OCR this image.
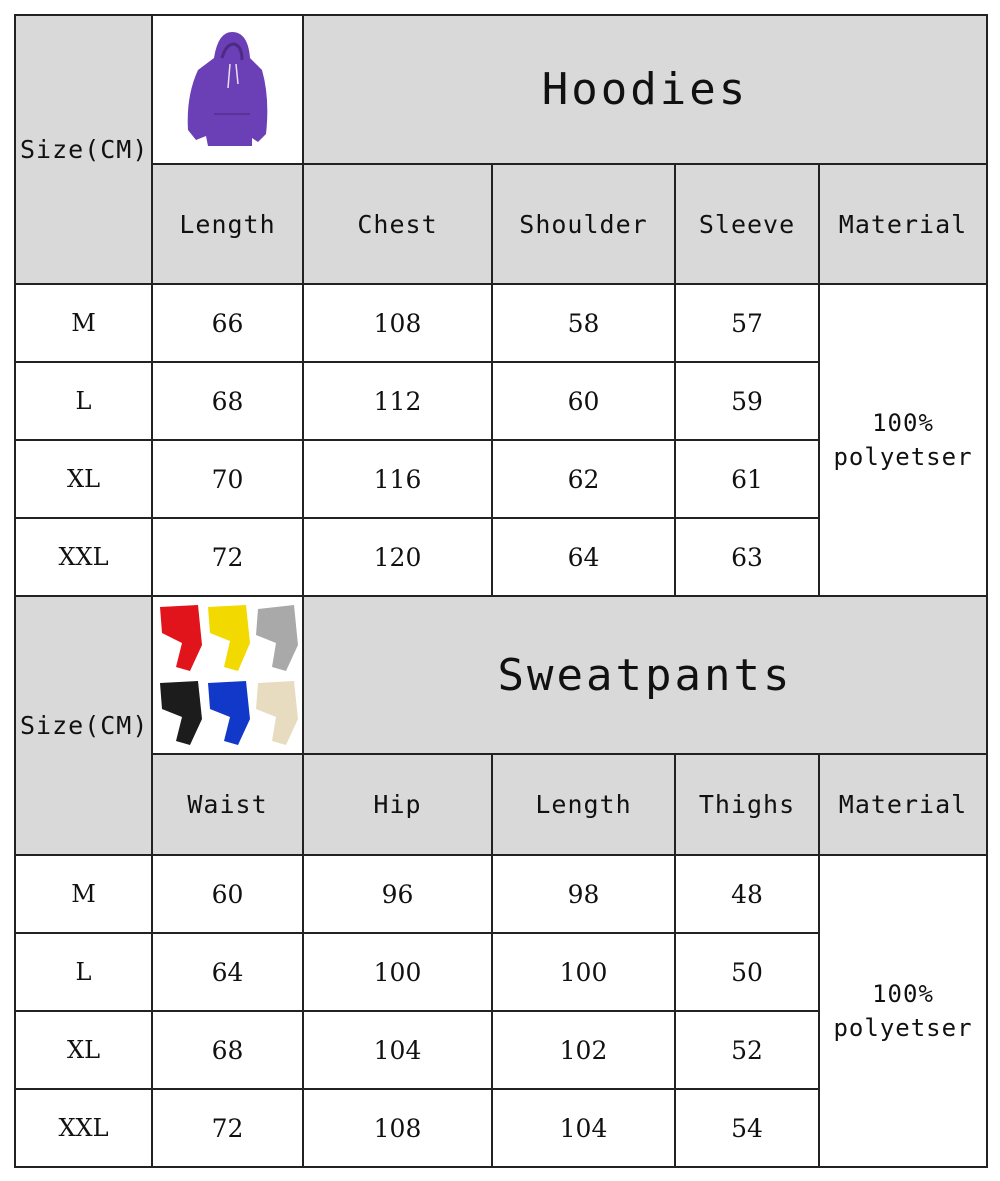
Size(CM)		Hoodies			
	Length	Chest	Shoulder	Sleeve	Material
M	66	108	58	57	100%
polyetser

L	68	112	60	59	
XL	70	116	62	61	
XXL	72	120	64	63	
Size(CM)		Sweatpants			
	Waist	Hip	Length	Thighs	Material
M	60	96	98	48	100%
polyetser

L	64	100	100	50	
XL	68	104	102	52	
XXL	72	108	104	54	
